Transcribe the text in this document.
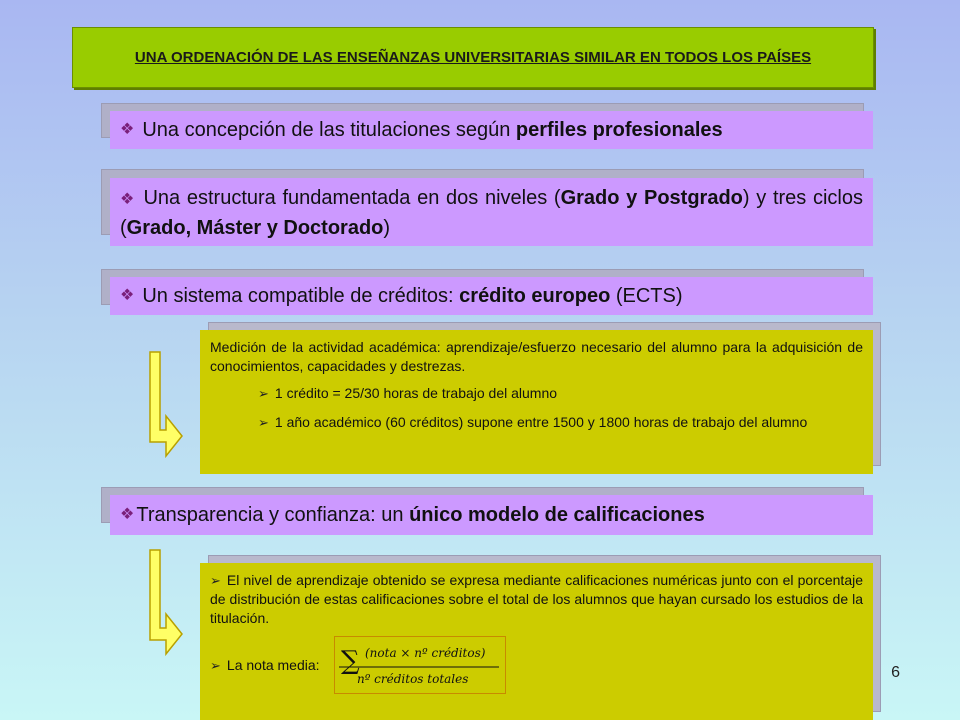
UNA ORDENACIÓN DE LAS ENSEÑANZAS UNIVERSITARIAS SIMILAR EN TODOS LOS PAÍSES
❖ Una concepción de las titulaciones según perfiles profesionales
❖ Una estructura fundamentada en dos niveles (Grado y Postgrado) y tres ciclos (Grado, Máster y Doctorado)
❖ Un sistema compatible de créditos: crédito europeo (ECTS)
Medición de la actividad académica: aprendizaje/esfuerzo necesario del alumno para la adquisición de conocimientos, capacidades y destrezas.
➢ 1 crédito = 25/30 horas de trabajo del alumno
➢ 1 año académico (60 créditos) supone entre 1500 y 1800 horas de trabajo del alumno
❖ Transparencia y confianza: un único modelo de calificaciones
➢ El nivel de aprendizaje obtenido se expresa mediante calificaciones numéricas junto con el porcentaje de distribución de estas calificaciones sobre el total de los alumnos que hayan cursado los estudios de la titulación.
➢ La nota media: ∑ (nota × nº créditos)
nº créditos totales	6
